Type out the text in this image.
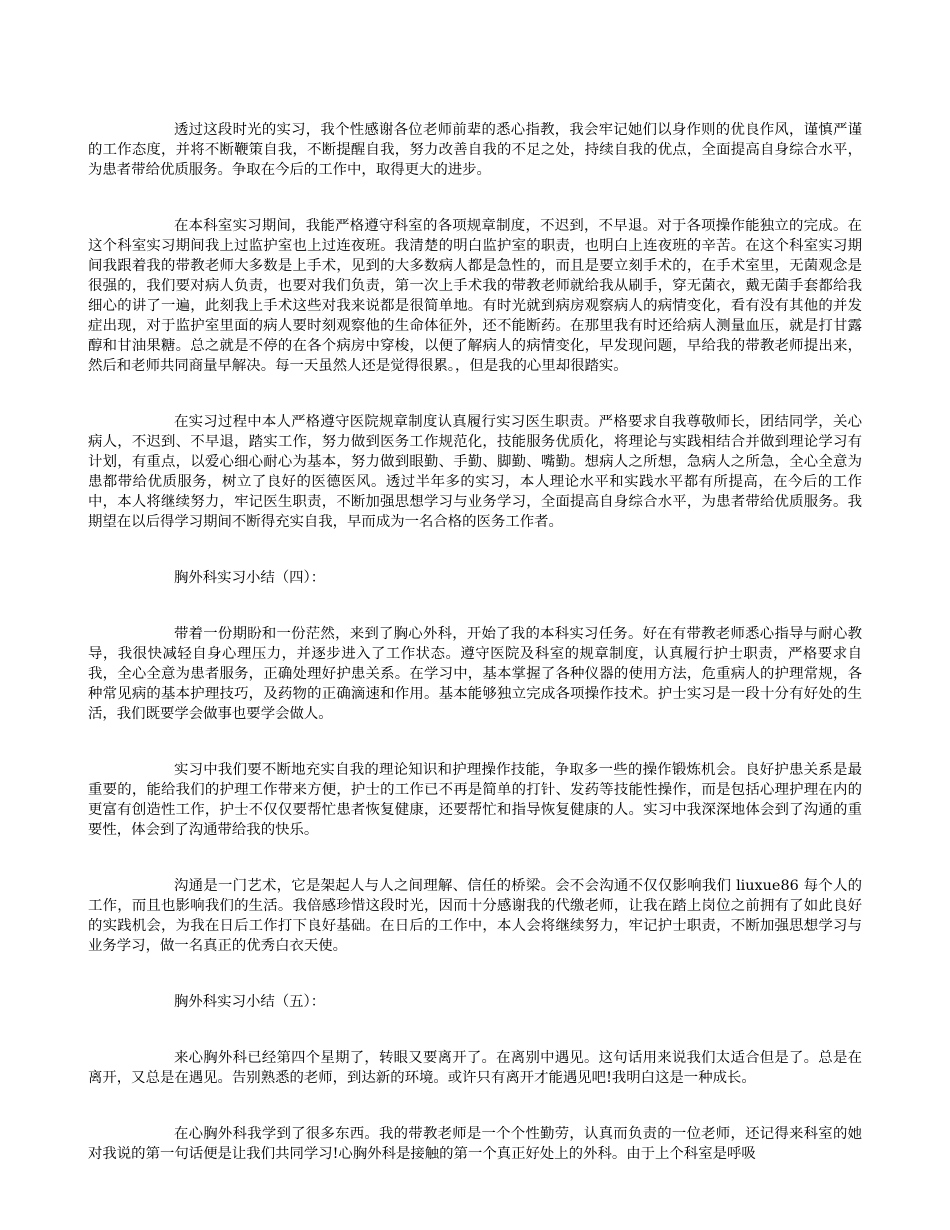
透过这段时光的实习，我个性感谢各位老师前辈的悉心指教，我会牢记她们以身作则的优良作风，谨慎严谨的工作态度，并将不断鞭策自我，不断提醒自我，努力改善自我的不足之处，持续自我的优点，全面提高自身综合水平，为患者带给优质服务。争取在今后的工作中，取得更大的进步。

在本科室实习期间，我能严格遵守科室的各项规章制度，不迟到，不早退。对于各项操作能独立的完成。在这个科室实习期间我上过监护室也上过连夜班。我清楚的明白监护室的职责，也明白上连夜班的辛苦。在这个科室实习期间我跟着我的带教老师大多数是上手术，见到的大多数病人都是急性的，而且是要立刻手术的，在手术室里，无菌观念是很强的，我们要对病人负责，也要对我们负责，第一次上手术我的带教老师就给我从刷手，穿无菌衣，戴无菌手套都给我细心的讲了一遍，此刻我上手术这些对我来说都是很简单地。有时光就到病房观察病人的病情变化，看有没有其他的并发症出现，对于监护室里面的病人要时刻观察他的生命体征外，还不能断药。在那里我有时还给病人测量血压，就是打甘露醇和甘油果糖。总之就是不停的在各个病房中穿梭，以便了解病人的病情变化，早发现问题，早给我的带教老师提出来，然后和老师共同商量早解决。每一天虽然人还是觉得很累。，但是我的心里却很踏实。

在实习过程中本人严格遵守医院规章制度认真履行实习医生职责。严格要求自我尊敬师长，团结同学，关心病人，不迟到、不早退，踏实工作，努力做到医务工作规范化，技能服务优质化，将理论与实践相结合并做到理论学习有计划，有重点，以爱心细心耐心为基本，努力做到眼勤、手勤、脚勤、嘴勤。想病人之所想，急病人之所急，全心全意为患都带给优质服务，树立了良好的医德医风。透过半年多的实习，本人理论水平和实践水平都有所提高，在今后的工作中，本人将继续努力，牢记医生职责，不断加强思想学习与业务学习，全面提高自身综合水平，为患者带给优质服务。我期望在以后得学习期间不断得充实自我，早而成为一名合格的医务工作者。

胸外科实习小结（四）：

带着一份期盼和一份茫然，来到了胸心外科，开始了我的本科实习任务。好在有带教老师悉心指导与耐心教导，我很快减轻自身心理压力，并逐步进入了工作状态。遵守医院及科室的规章制度，认真履行护士职责，严格要求自我，全心全意为患者服务，正确处理好护患关系。在学习中，基本掌握了各种仪器的使用方法，危重病人的护理常规，各种常见病的基本护理技巧，及药物的正确滴速和作用。基本能够独立完成各项操作技术。护士实习是一段十分有好处的生活，我们既要学会做事也要学会做人。

实习中我们要不断地充实自我的理论知识和护理操作技能，争取多一些的操作锻炼机会。良好护患关系是最重要的，能给我们的护理工作带来方便，护士的工作已不再是简单的打针、发药等技能性操作，而是包括心理护理在内的更富有创造性工作，护士不仅仅要帮忙患者恢复健康，还要帮忙和指导恢复健康的人。实习中我深深地体会到了沟通的重要性，体会到了沟通带给我的快乐。

沟通是一门艺术，它是架起人与人之间理解、信任的桥梁。会不会沟通不仅仅影响我们 liuxue86 每个人的工作，而且也影响我们的生活。我倍感珍惜这段时光，因而十分感谢我的代缴老师，让我在踏上岗位之前拥有了如此良好的实践机会，为我在日后工作打下良好基础。在日后的工作中，本人会将继续努力，牢记护士职责，不断加强思想学习与业务学习，做一名真正的优秀白衣天使。

胸外科实习小结（五）：

来心胸外科已经第四个星期了，转眼又要离开了。在离别中遇见。这句话用来说我们太适合但是了。总是在离开，又总是在遇见。告别熟悉的老师，到达新的环境。或许只有离开才能遇见吧!我明白这是一种成长。

在心胸外科我学到了很多东西。我的带教老师是一个个性勤劳，认真而负责的一位老师，还记得来科室的她对我说的第一句话便是让我们共同学习!心胸外科是接触的第一个真正好处上的外科。由于上个科室是呼吸
